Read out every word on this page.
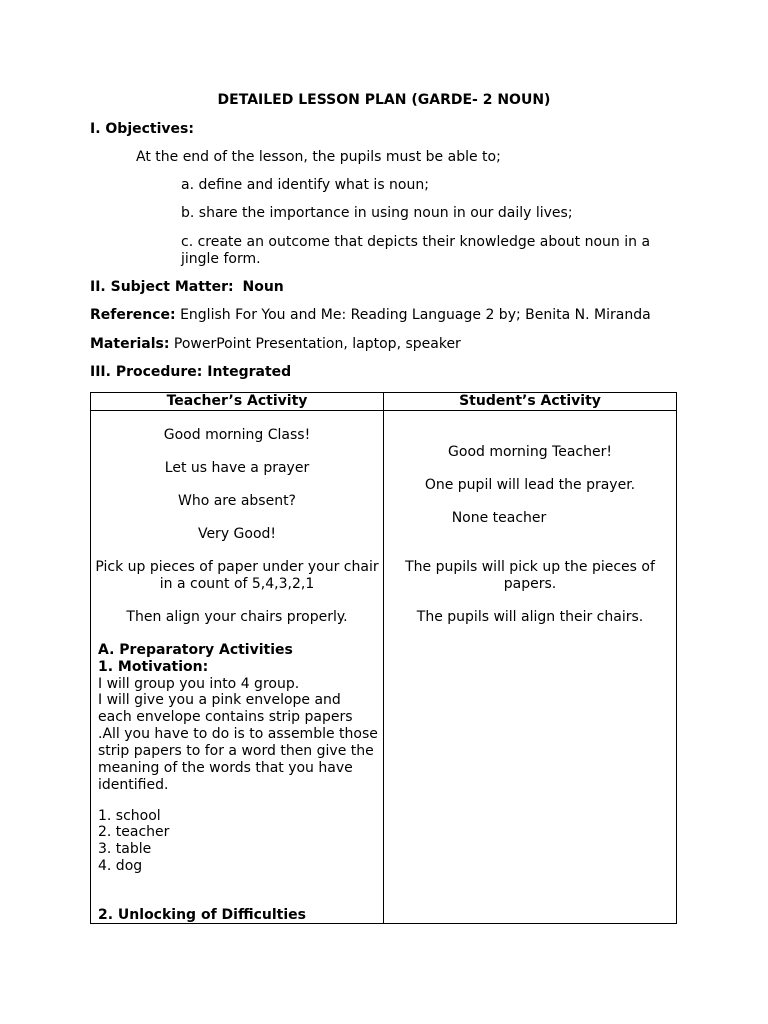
DETAILED LESSON PLAN (GARDE- 2 NOUN)
I. Objectives:
At the end of the lesson, the pupils must be able to;
a. define and identify what is noun;
b. share the importance in using noun in our daily lives;
c. create an outcome that depicts their knowledge about noun in a jingle form.
II. Subject Matter: Noun
Reference: English For You and Me: Reading Language 2 by; Benita N. Miranda
Materials: PowerPoint Presentation, laptop, speaker
III. Procedure: Integrated
Teacher’s Activity	Student’s Activity
Good morning Class!
Let us have a prayer
Who are absent?
Very Good!
Pick up pieces of paper under your chair in a count of 5,4,3,2,1
Then align your chairs properly.
A. Preparatory Activities
1. Motivation:
I will group you into 4 group.
I will give you a pink envelope and each envelope contains strip papers .All you have to do is to assemble those strip papers to for a word then give the meaning of the words that you have identified.
1. school
2. teacher
3. table
4. dog
2. Unlocking of Difficulties
Good morning Teacher!
One pupil will lead the prayer.
None teacher
The pupils will pick up the pieces of papers.
The pupils will align their chairs.
